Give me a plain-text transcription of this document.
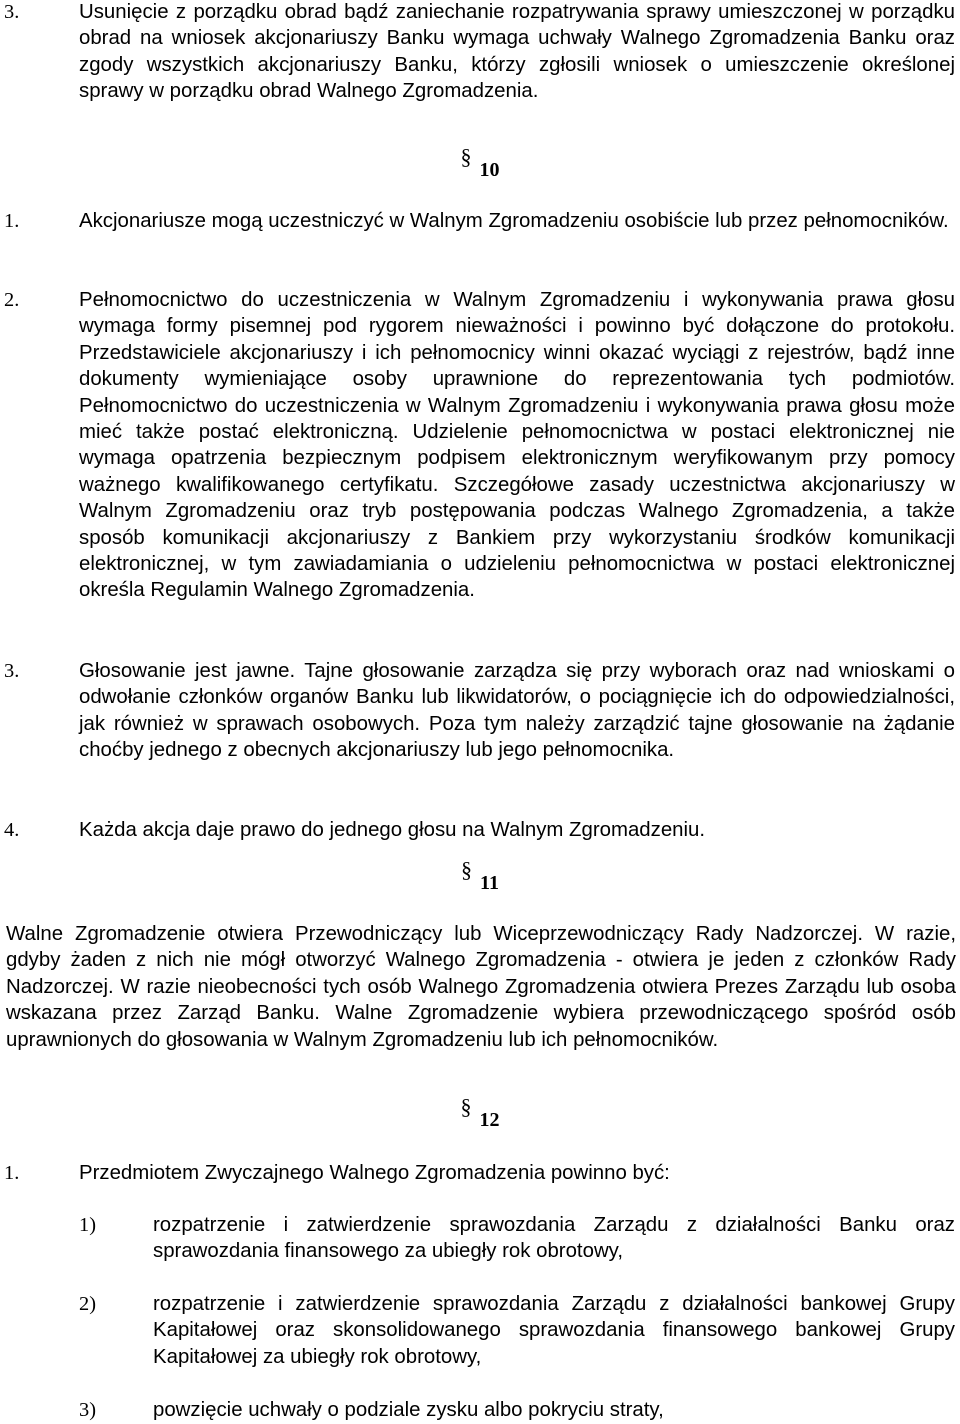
3.	Usunięcie z porządku obrad bądź zaniechanie rozpatrywania sprawy umieszczonej w porządku obrad na wniosek akcjonariuszy Banku wymaga uchwały Walnego Zgromadzenia Banku oraz zgody wszystkich akcjonariuszy Banku, którzy zgłosili wniosek o umieszczenie określonej sprawy w porządku obrad Walnego Zgromadzenia.
§10
1.	Akcjonariusze mogą uczestniczyć w Walnym Zgromadzeniu osobiście lub przez pełnomocników.
2.	Pełnomocnictwo do uczestniczenia w Walnym Zgromadzeniu i wykonywania prawa głosu wymaga formy pisemnej pod rygorem nieważności i powinno być dołączone do protokołu. Przedstawiciele akcjonariuszy i ich pełnomocnicy winni okazać wyciągi z rejestrów, bądź inne dokumenty wymieniające osoby uprawnione do reprezentowania tych podmiotów. Pełnomocnictwo do uczestniczenia w Walnym Zgromadzeniu i wykonywania prawa głosu może mieć także postać elektroniczną. Udzielenie pełnomocnictwa w postaci elektronicznej nie wymaga opatrzenia bezpiecznym podpisem elektronicznym weryfikowanym przy pomocy ważnego kwalifikowanego certyfikatu. Szczegółowe zasady uczestnictwa akcjonariuszy w Walnym Zgromadzeniu oraz tryb postępowania podczas Walnego Zgromadzenia, a także sposób komunikacji akcjonariuszy z Bankiem przy wykorzystaniu środków komunikacji elektronicznej, w tym zawiadamiania o udzieleniu pełnomocnictwa w postaci elektronicznej określa Regulamin Walnego Zgromadzenia.
3.	Głosowanie jest jawne. Tajne głosowanie zarządza się przy wyborach oraz nad wnioskami o odwołanie członków organów Banku lub likwidatorów, o pociągnięcie ich do odpowiedzialności, jak również w sprawach osobowych. Poza tym należy zarządzić tajne głosowanie na żądanie choćby jednego z obecnych akcjonariuszy lub jego pełnomocnika.
4.	Każda akcja daje prawo do jednego głosu na Walnym Zgromadzeniu.
§11
Walne Zgromadzenie otwiera Przewodniczący lub Wiceprzewodniczący Rady Nadzorczej. W razie, gdyby żaden z nich nie mógł otworzyć Walnego Zgromadzenia - otwiera je jeden z członków Rady Nadzorczej. W razie nieobecności tych osób Walnego Zgromadzenia otwiera Prezes Zarządu lub osoba wskazana przez Zarząd Banku. Walne Zgromadzenie wybiera przewodniczącego spośród osób uprawnionych do głosowania w Walnym Zgromadzeniu lub ich pełnomocników.
§12
1.	Przedmiotem Zwyczajnego Walnego Zgromadzenia powinno być:
1)	rozpatrzenie i zatwierdzenie sprawozdania Zarządu z działalności Banku oraz sprawozdania finansowego za ubiegły rok obrotowy,
2)	rozpatrzenie i zatwierdzenie sprawozdania Zarządu z działalności bankowej Grupy Kapitałowej oraz skonsolidowanego sprawozdania finansowego bankowej Grupy Kapitałowej za ubiegły rok obrotowy,
3)	powzięcie uchwały o podziale zysku albo pokryciu straty,
